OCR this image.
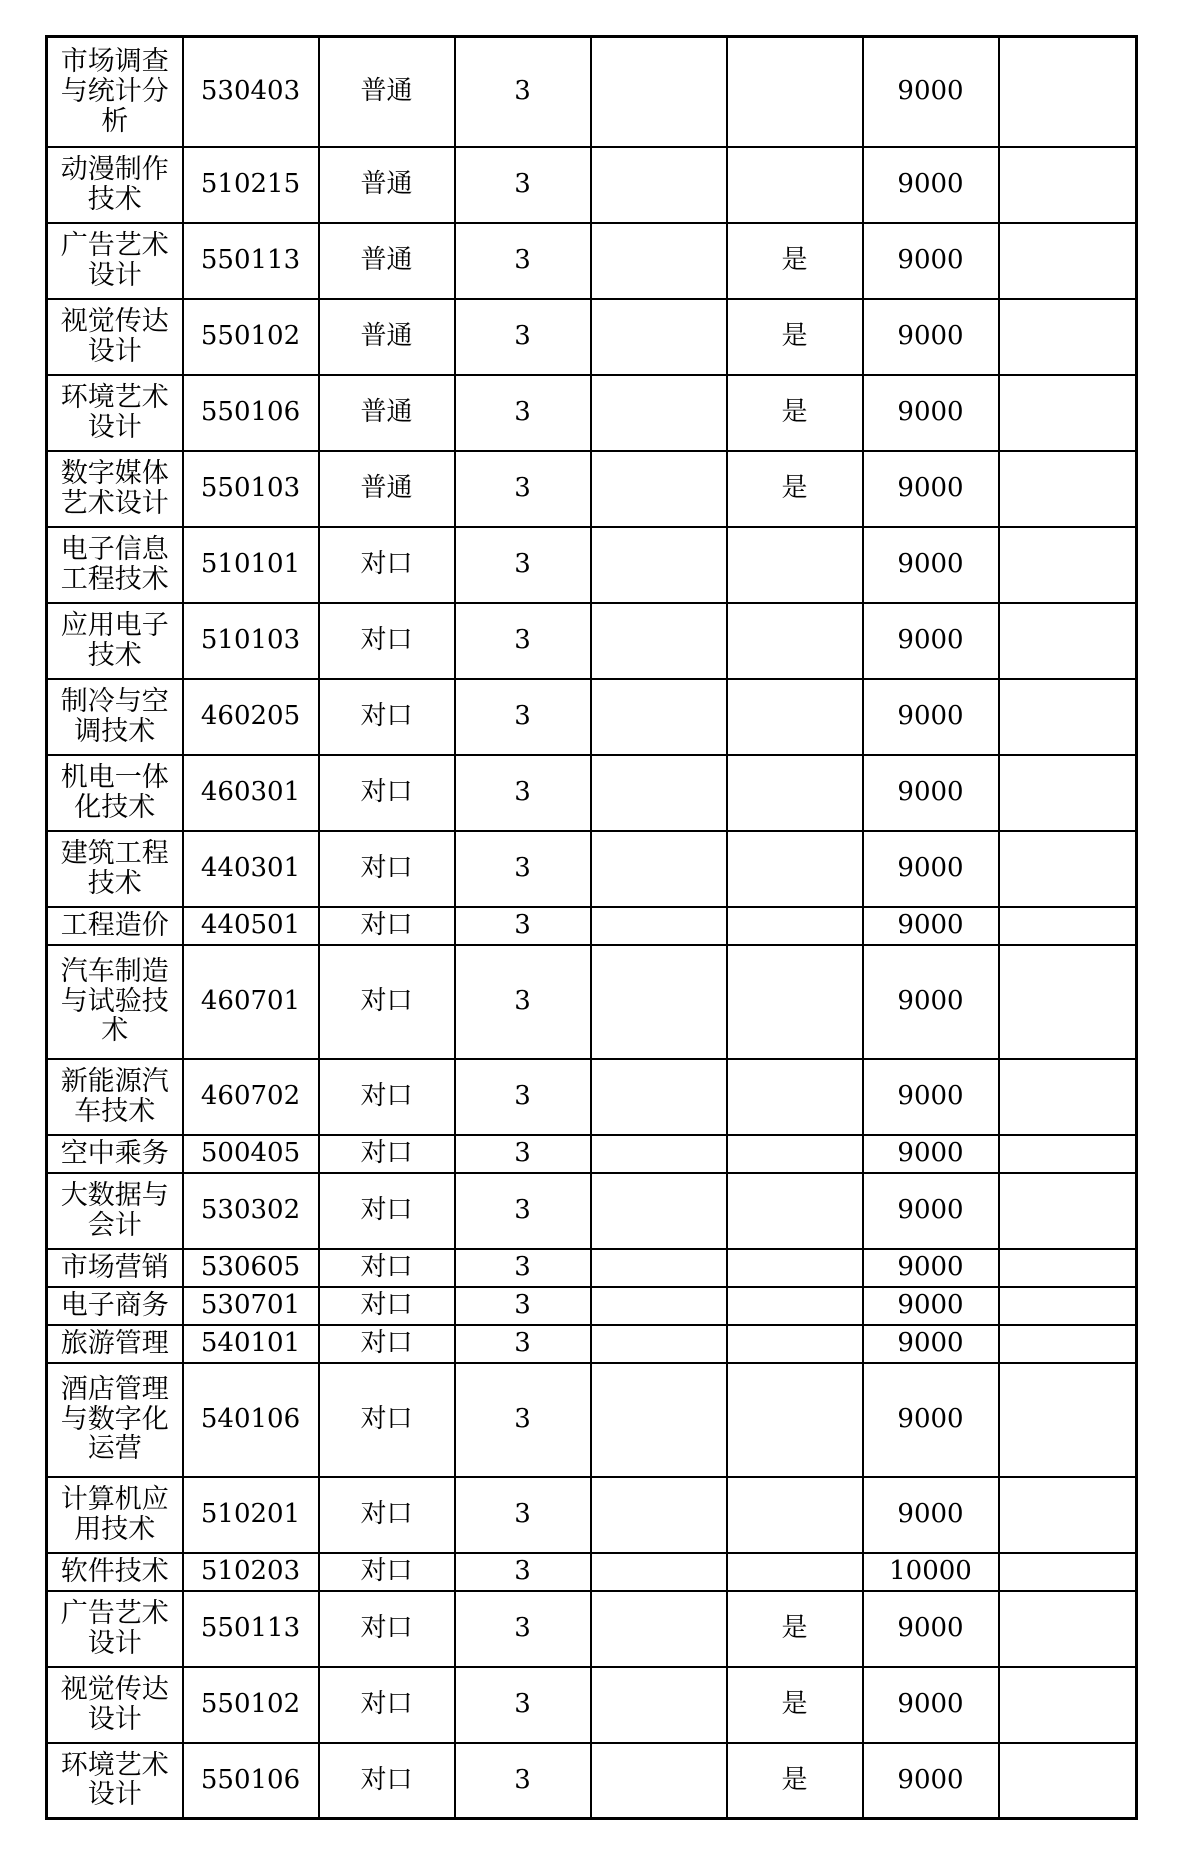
市场调查与统计分析	530403	普通	3			9000	
动漫制作技术	510215	普通	3			9000	
广告艺术设计	550113	普通	3		是	9000	
视觉传达设计	550102	普通	3		是	9000	
环境艺术设计	550106	普通	3		是	9000	
数字媒体艺术设计	550103	普通	3		是	9000	
电子信息工程技术	510101	对口	3			9000	
应用电子技术	510103	对口	3			9000	
制冷与空调技术	460205	对口	3			9000	
机电一体化技术	460301	对口	3			9000	
建筑工程技术	440301	对口	3			9000	
工程造价	440501	对口	3			9000	
汽车制造与试验技术	460701	对口	3			9000	
新能源汽车技术	460702	对口	3			9000	
空中乘务	500405	对口	3			9000	
大数据与会计	530302	对口	3			9000	
市场营销	530605	对口	3			9000	
电子商务	530701	对口	3			9000	
旅游管理	540101	对口	3			9000	
酒店管理与数字化运营	540106	对口	3			9000	
计算机应用技术	510201	对口	3			9000	
软件技术	510203	对口	3			10000	
广告艺术设计	550113	对口	3		是	9000	
视觉传达设计	550102	对口	3		是	9000	
环境艺术设计	550106	对口	3		是	9000	
